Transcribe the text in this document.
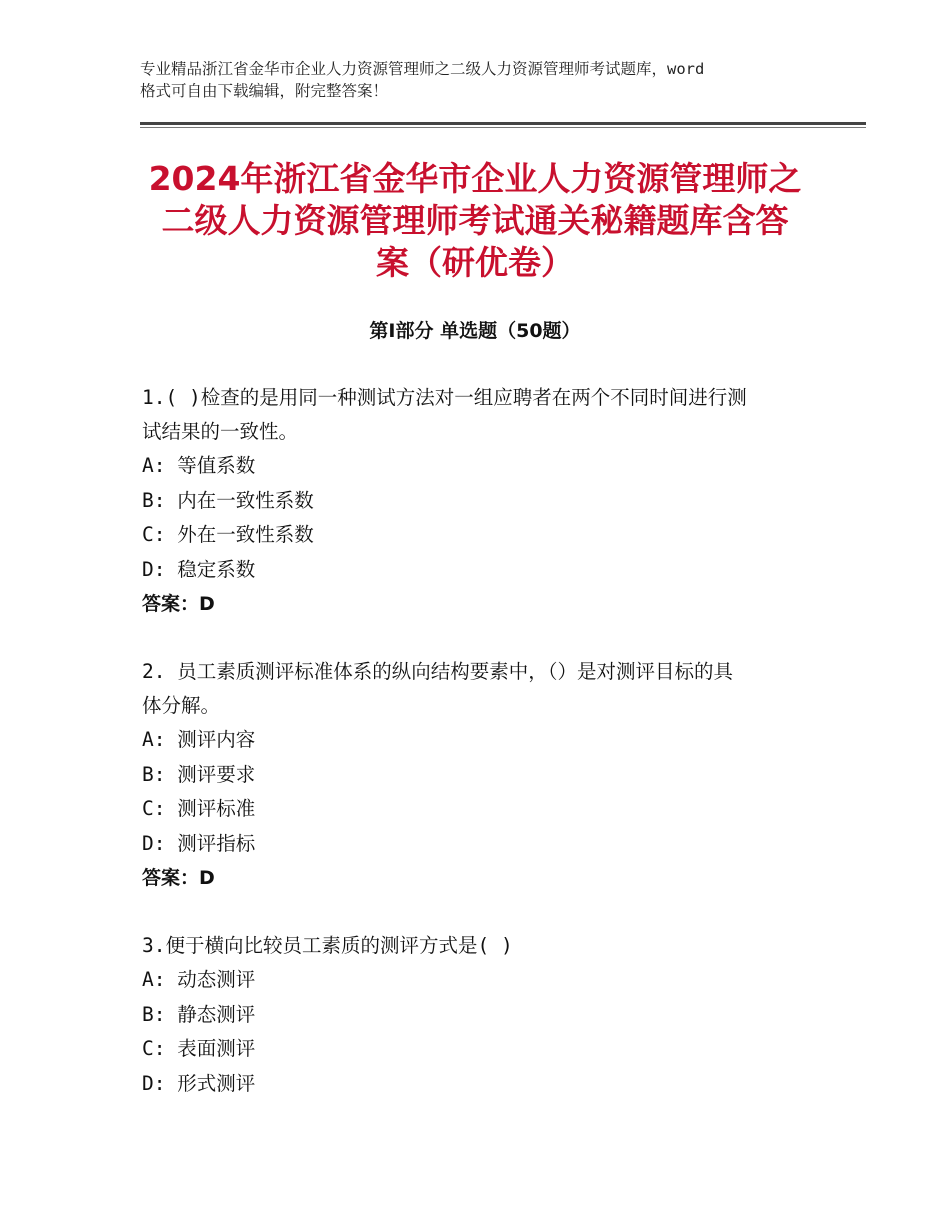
专业精品浙江省金华市企业人力资源管理师之二级人力资源管理师考试题库，word
格式可自由下载编辑，附完整答案！
2024年浙江省金华市企业人力资源管理师之
二级人力资源管理师考试通关秘籍题库含答
案（研优卷）
第Ⅰ部分 单选题（50题）
1.( )检查的是用同一种测试方法对一组应聘者在两个不同时间进行测
试结果的一致性。
A: 等值系数
B: 内在一致性系数
C: 外在一致性系数
D: 稳定系数
答案：D
2. 员工素质测评标准体系的纵向结构要素中，（）是对测评目标的具
体分解。
A: 测评内容
B: 测评要求
C: 测评标准
D: 测评指标
答案：D
3.便于横向比较员工素质的测评方式是( )
A: 动态测评
B: 静态测评
C: 表面测评
D: 形式测评
